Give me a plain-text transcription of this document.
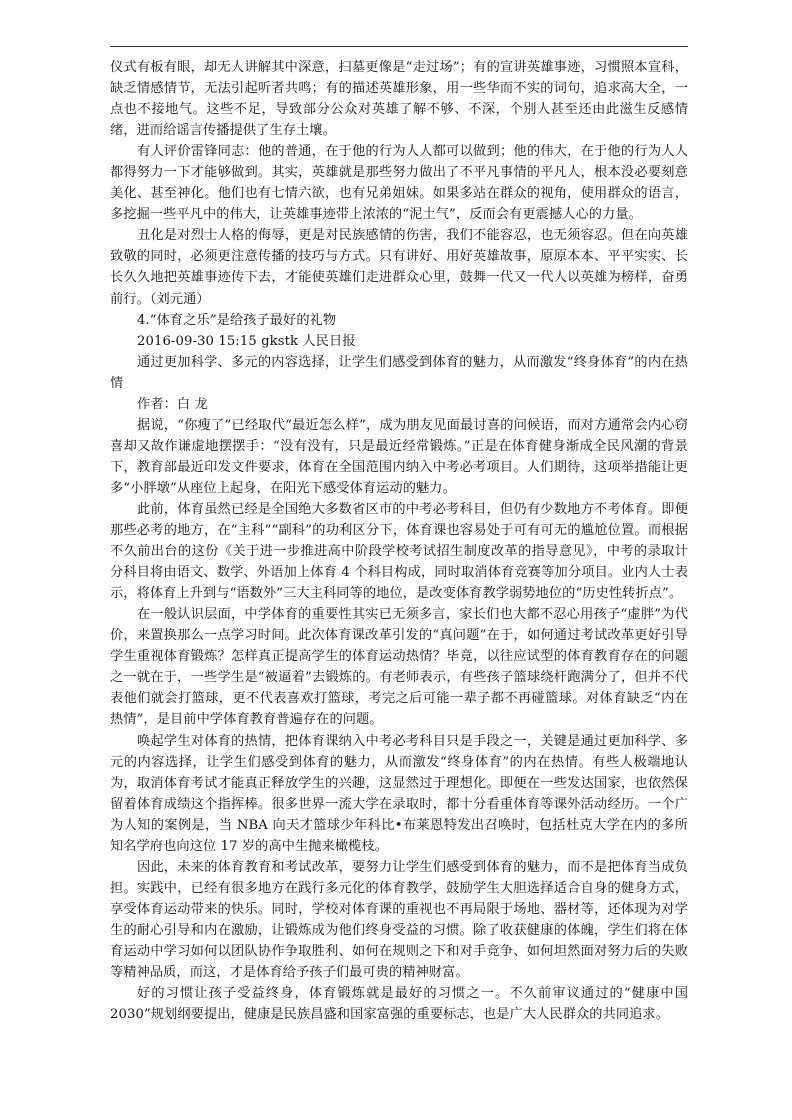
仪式有板有眼，却无人讲解其中深意，扫墓更像是“走过场”；有的宣讲英雄事迹，习惯照本宣科，缺乏情感情节，无法引起听者共鸣；有的描述英雄形象，用一些华而不实的词句，追求高大全，一点也不接地气。这些不足，导致部分公众对英雄了解不够、不深，个别人甚至还由此滋生反感情绪，进而给谣言传播提供了生存土壤。

有人评价雷锋同志：他的普通，在于他的行为人人都可以做到；他的伟大，在于他的行为人人都得努力一下才能够做到。其实，英雄就是那些努力做出了不平凡事情的平凡人，根本没必要刻意美化、甚至神化。他们也有七情六欲，也有兄弟姐妹。如果多站在群众的视角，使用群众的语言，多挖掘一些平凡中的伟大，让英雄事迹带上浓浓的“泥土气”，反而会有更震撼人心的力量。

丑化是对烈士人格的侮辱，更是对民族感情的伤害，我们不能容忍，也无须容忍。但在向英雄致敬的同时，必须更注意传播的技巧与方式。只有讲好、用好英雄故事，原原本本、平平实实、长长久久地把英雄事迹传下去，才能使英雄们走进群众心里，鼓舞一代又一代人以英雄为榜样，奋勇前行。（刘元通）

4.“体育之乐”是给孩子最好的礼物

2016-09-30 15:15 gkstk 人民日报

通过更加科学、多元的内容选择，让学生们感受到体育的魅力，从而激发“终身体育”的内在热情

作者：白 龙

据说，“你瘦了”已经取代“最近怎么样”，成为朋友见面最讨喜的问候语，而对方通常会内心窃喜却又故作谦虚地摆摆手：“没有没有，只是最近经常锻炼。”正是在体育健身渐成全民风潮的背景下，教育部最近印发文件要求，体育在全国范围内纳入中考必考项目。人们期待，这项举措能让更多“小胖墩”从座位上起身，在阳光下感受体育运动的魅力。

此前，体育虽然已经是全国绝大多数省区市的中考必考科目，但仍有少数地方不考体育。即便那些必考的地方，在“主科”“副科”的功利区分下，体育课也容易处于可有可无的尴尬位置。而根据不久前出台的这份《关于进一步推进高中阶段学校考试招生制度改革的指导意见》，中考的录取计分科目将由语文、数学、外语加上体育 4 个科目构成，同时取消体育竞赛等加分项目。业内人士表示，将体育上升到与“语数外”三大主科同等的地位，是改变体育教学弱势地位的“历史性转折点”。

在一般认识层面，中学体育的重要性其实已无须多言，家长们也大都不忍心用孩子“虚胖”为代价，来置换那么一点学习时间。此次体育课改革引发的“真问题”在于，如何通过考试改革更好引导学生重视体育锻炼？怎样真正提高学生的体育运动热情？毕竟，以往应试型的体育教育存在的问题之一就在于，一些学生是“被逼着”去锻炼的。有老师表示，有些孩子篮球绕杆跑满分了，但并不代表他们就会打篮球，更不代表喜欢打篮球，考完之后可能一辈子都不再碰篮球。对体育缺乏“内在热情”，是目前中学体育教育普遍存在的问题。

唤起学生对体育的热情，把体育课纳入中考必考科目只是手段之一，关键是通过更加科学、多元的内容选择，让学生们感受到体育的魅力，从而激发“终身体育”的内在热情。有些人极端地认为，取消体育考试才能真正释放学生的兴趣，这显然过于理想化。即便在一些发达国家，也依然保留着体育成绩这个指挥棒。很多世界一流大学在录取时，都十分看重体育等课外活动经历。一个广为人知的案例是，当 NBA 向天才篮球少年科比•布莱恩特发出召唤时，包括杜克大学在内的多所知名学府也向这位 17 岁的高中生抛来橄榄枝。

因此，未来的体育教育和考试改革，要努力让学生们感受到体育的魅力，而不是把体育当成负担。实践中，已经有很多地方在践行多元化的体育教学，鼓励学生大胆选择适合自身的健身方式，享受体育运动带来的快乐。同时，学校对体育课的重视也不再局限于场地、器材等，还体现为对学生的耐心引导和内在激励，让锻炼成为他们终身受益的习惯。除了收获健康的体魄，学生们将在体育运动中学习如何以团队协作争取胜利、如何在规则之下和对手竞争、如何坦然面对努力后的失败等精神品质，而这，才是体育给予孩子们最可贵的精神财富。

好的习惯让孩子受益终身，体育锻炼就是最好的习惯之一。不久前审议通过的“健康中国 2030”规划纲要提出，健康是民族昌盛和国家富强的重要标志，也是广大人民群众的共同追求。
